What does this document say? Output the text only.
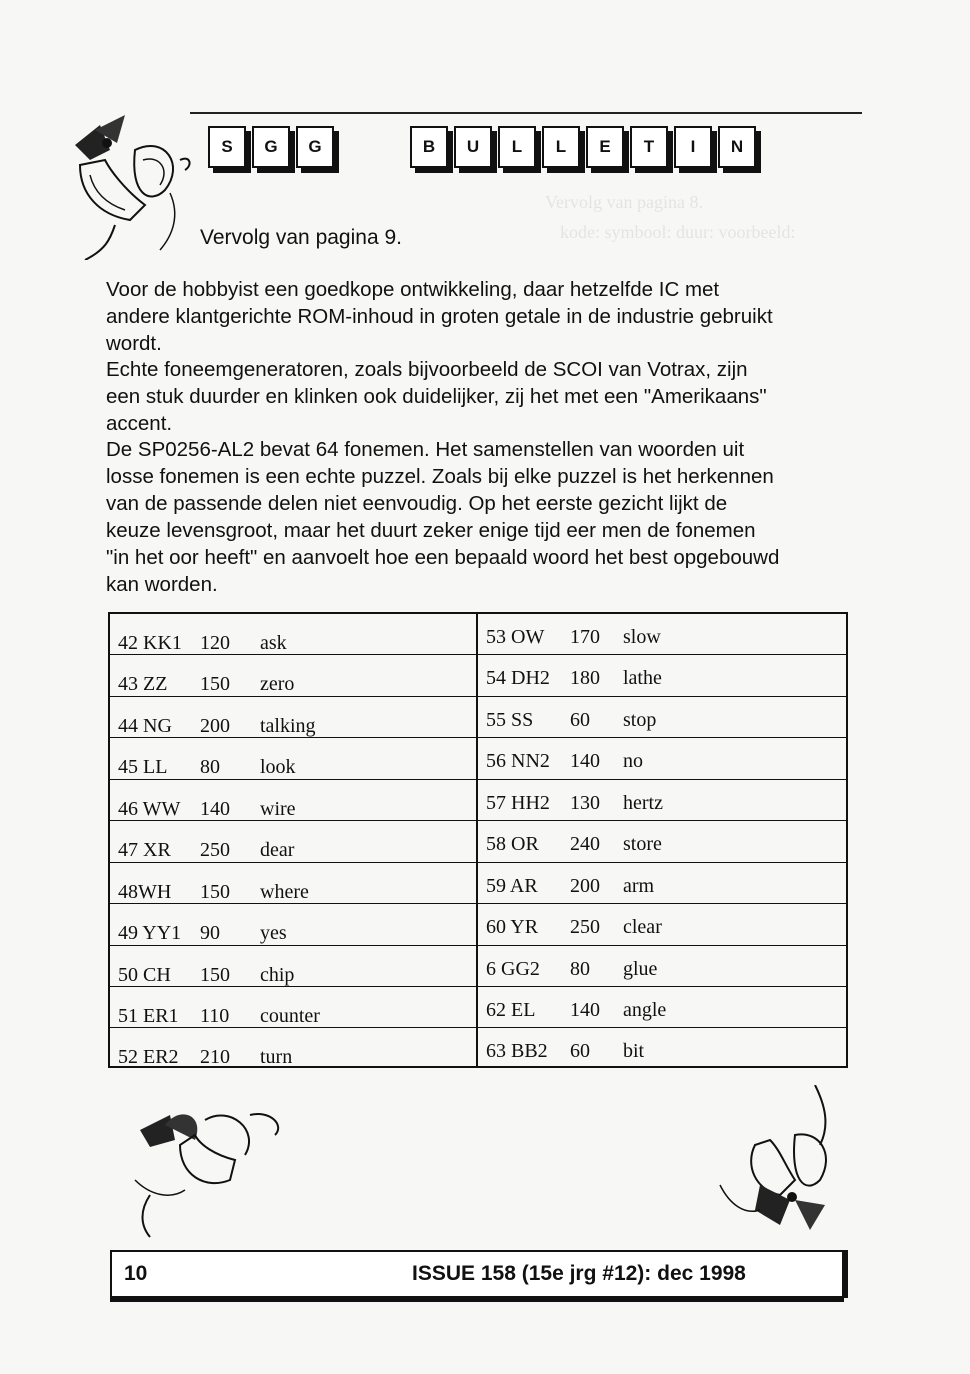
Vervolg van pagina 8.
kode: symbool: duur: voorbeeld:
S	G	G	B	U	L	L	E	T	I	N
Vervolg van pagina 9.
Voor de hobbyist een goedkope ontwikkeling, daar hetzelfde IC met
andere klantgerichte ROM-inhoud in groten getale in de industrie gebruikt
wordt.
Echte foneemgeneratoren, zoals bijvoorbeeld de SCOI van Votrax, zijn
een stuk duurder en klinken ook duidelijker, zij het met een "Amerikaans"
accent.
De SP0256-AL2 bevat 64 fonemen. Het samenstellen van woorden uit
losse fonemen is een echte puzzel. Zoals bij elke puzzel is het herkennen
van de passende delen niet eenvoudig. Op het eerste gezicht lijkt de
keuze levensgroot, maar het duurt zeker enige tijd eer men de fonemen
"in het oor heeft" en aanvoelt hoe een bepaald woord het best opgebouwd
kan worden.
42 KK1 120 ask
43 ZZ 150 zero
44 NG 200 talking
45 LL 80 look
46 WW 140 wire
47 XR 250 dear
48WH 150 where
49 YY1 90 yes
50 CH 150 chip
51 ER1 110 counter
52 ER2 210 turn
53 OW 170 slow
54 DH2 180 lathe
55 SS 60 stop
56 NN2 140 no
57 HH2 130 hertz
58 OR 240 store
59 AR 200 arm
60 YR 250 clear
6 GG2 80 glue
62 EL 140 angle
63 BB2 60 bit
10	ISSUE 158 (15e jrg #12): dec 1998
